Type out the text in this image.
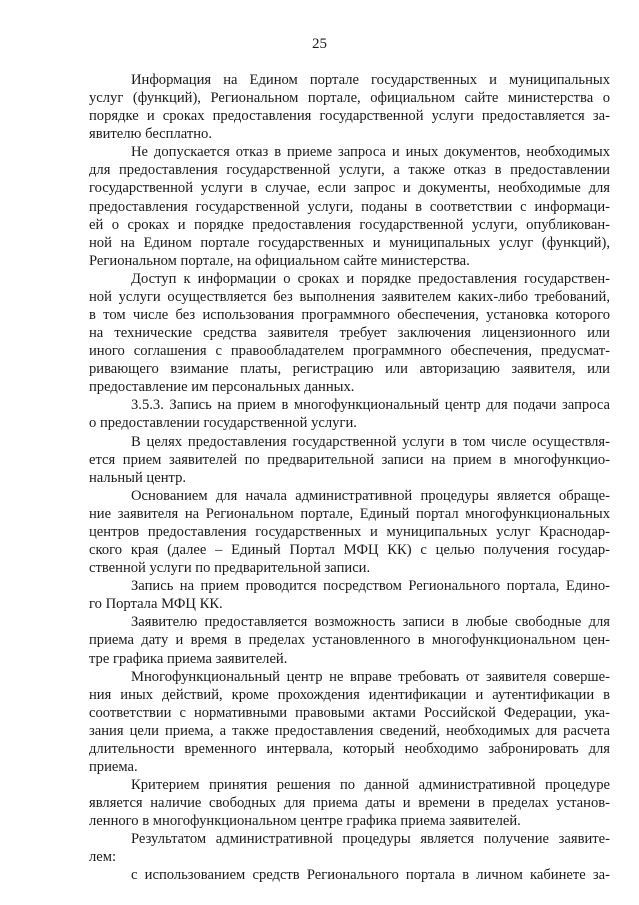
25
Информация на Едином портале государственных и муниципальных
услуг (функций), Региональном портале, официальном сайте министерства о
порядке и сроках предоставления государственной услуги предоставляется за-
явителю бесплатно.
Не допускается отказ в приеме запроса и иных документов, необходимых
для предоставления государственной услуги, а также отказ в предоставлении
государственной услуги в случае, если запрос и документы, необходимые для
предоставления государственной услуги, поданы в соответствии с информаци-
ей о сроках и порядке предоставления государственной услуги, опубликован-
ной на Едином портале государственных и муниципальных услуг (функций),
Региональном портале, на официальном сайте министерства.
Доступ к информации о сроках и порядке предоставления государствен-
ной услуги осуществляется без выполнения заявителем каких-либо требований,
в том числе без использования программного обеспечения, установка которого
на технические средства заявителя требует заключения лицензионного или
иного соглашения с правообладателем программного обеспечения, предусмат-
ривающего взимание платы, регистрацию или авторизацию заявителя, или
предоставление им персональных данных.
3.5.3. Запись на прием в многофункциональный центр для подачи запроса
о предоставлении государственной услуги.
В целях предоставления государственной услуги в том числе осуществля-
ется прием заявителей по предварительной записи на прием в многофункцио-
нальный центр.
Основанием для начала административной процедуры является обраще-
ние заявителя на Региональном портале, Единый портал многофункциональных
центров предоставления государственных и муниципальных услуг Краснодар-
ского края (далее – Единый Портал МФЦ КК) с целью получения государ-
ственной услуги по предварительной записи.
Запись на прием проводится посредством Регионального портала, Едино-
го Портала МФЦ КК.
Заявителю предоставляется возможность записи в любые свободные для
приема дату и время в пределах установленного в многофункциональном цен-
тре графика приема заявителей.
Многофункциональный центр не вправе требовать от заявителя соверше-
ния иных действий, кроме прохождения идентификации и аутентификации в
соответствии с нормативными правовыми актами Российской Федерации, ука-
зания цели приема, а также предоставления сведений, необходимых для расчета
длительности временного интервала, который необходимо забронировать для
приема.
Критерием принятия решения по данной административной процедуре
является наличие свободных для приема даты и времени в пределах установ-
ленного в многофункциональном центре графика приема заявителей.
Результатом административной процедуры является получение заявите-
лем:
с использованием средств Регионального портала в личном кабинете за-
